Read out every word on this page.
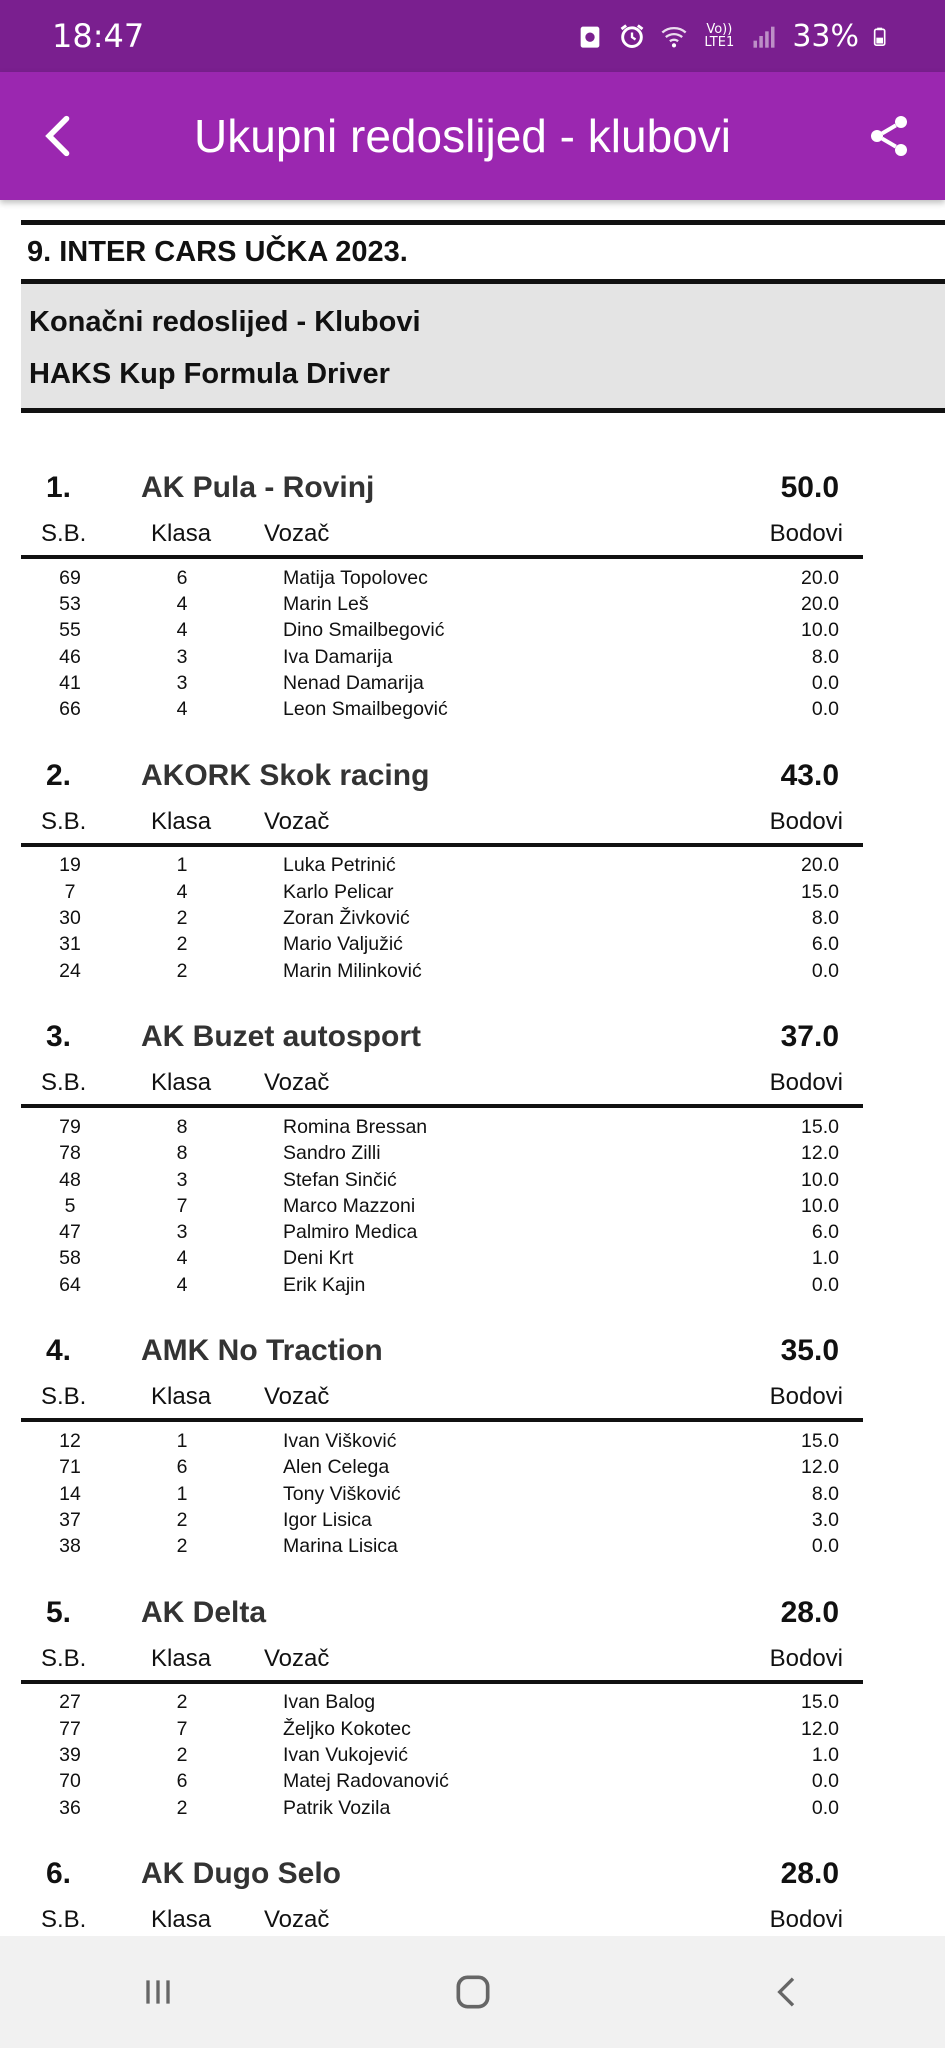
18:47	Vo)) LTE1 33%
Ukupni redoslijed - klubovi
9. INTER CARS UČKA 2023.
Konačni redoslijed - Klubovi
HAKS Kup Formula Driver
1.	AK Pula - Rovinj	50.0
S.B.	Klasa	Vozač	Bodovi
69	6	Matija Topolovec	20.0
53	4	Marin Leš	20.0
55	4	Dino Smailbegović	10.0
46	3	Iva Damarija	8.0
41	3	Nenad Damarija	0.0
66	4	Leon Smailbegović	0.0
2.	AKORK Skok racing	43.0
S.B.	Klasa	Vozač	Bodovi
19	1	Luka Petrinić	20.0
7	4	Karlo Pelicar	15.0
30	2	Zoran Živković	8.0
31	2	Mario Valjužić	6.0
24	2	Marin Milinković	0.0
3.	AK Buzet autosport	37.0
S.B.	Klasa	Vozač	Bodovi
79	8	Romina Bressan	15.0
78	8	Sandro Zilli	12.0
48	3	Stefan Sinčić	10.0
5	7	Marco Mazzoni	10.0
47	3	Palmiro Medica	6.0
58	4	Deni Krt	1.0
64	4	Erik Kajin	0.0
4.	AMK No Traction	35.0
S.B.	Klasa	Vozač	Bodovi
12	1	Ivan Višković	15.0
71	6	Alen Celega	12.0
14	1	Tony Višković	8.0
37	2	Igor Lisica	3.0
38	2	Marina Lisica	0.0
5.	AK Delta	28.0
S.B.	Klasa	Vozač	Bodovi
27	2	Ivan Balog	15.0
77	7	Željko Kokotec	12.0
39	2	Ivan Vukojević	1.0
70	6	Matej Radovanović	0.0
36	2	Patrik Vozila	0.0
6.	AK Dugo Selo	28.0
S.B.	Klasa	Vozač	Bodovi
